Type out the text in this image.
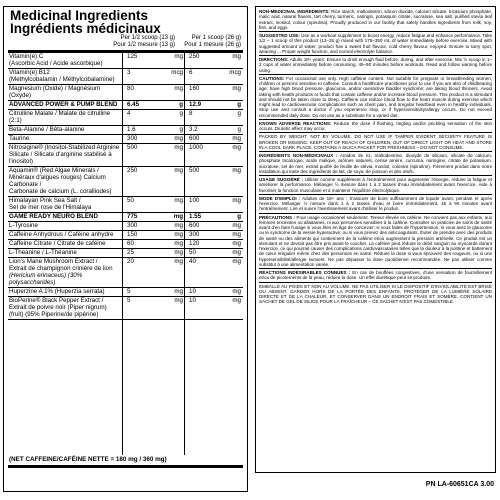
Medicinal Ingredients
Ingrédients médicinaux
Per 1/2 scoop (13 g)	Per 1 scoop (26 g)
Pour 1/2 mesure (13 g)	Pour 1 mesure (26 g)
Vitamin(e) C
(Ascorbic Acid / Acide ascorbique)
125	mg 250	mg
Vitamin(e) B12
(Methylcobalamin / Méthylcobalamine)
3	mcg 6	mcg
Magnesium (Oxide) / Magnésium (Oxyde)
80	mg 160	mg
ADVANCED POWER & PUMP BLEND	6.45	g 12.9	g
Citrulline Malate / Malate de citrulline (2:1)
4	g 8	g
Beta-Alanine / Bêta-alanine	1.6	g 3.2	g
Taurine	300	mg 600	mg
Nitrosigine® (Inositol-Stabilized Arginine
Silicate / Silicate d'arginine stabilisé à l'inositol)
500	mg 1000	mg
Aquamin® (Red Algae Minerals /
Minéraux d'algues rouges) Calcium Carbonate /
Carbonate de calcium (L. coralliodes)
250	mg 500	mg
Himalayan Pink Sea Salt /
Sel de mer rose de l'Himalaya
50	mg 100	mg
GAME READY NEURO BLEND	775	mg 1.55	g
L-Tyrosine	300	mg 600	mg
Caffeine Anhydrous / Caféine anhydre	150	mg 300	mg
Caffeine Citrate / Citrate de caféine	60	mg 120	mg
L-Theanine / L-Théanine	25	mg 50	mg
Lion's Mane Mushroom Extract /
Extrait de champignon crinière de lion
(Hericium erinaceus) (30% polysaccharides)
20	mg 40	mg
Huperzine A 1% (Huperzia serrata)	5	mg 10	mg
BioPerine® Black Pepper Extract /
Extrait de poivre noir (Piper nigrum)(fruit) (95% Piperine/de pipérine)
5	mg 10	mg
(NET CAFFEINE/CAFÉINE NETTE = 180 mg / 360 mg)
NON-MEDICINAL INGREDIENTS: Rice starch, maltodextrin, silicon dioxide, calcium silicate, tricalcium phosphate, malic acid, natural flavors, tart cherry, turmeric, naringin, potassium citrate, sucralose, sea salt, purified stevia leaf extract, inositol, colour (spirulina). Proudly produced in our facility that safely handles ingredients from milk, soy, fish, and eggs.
SUGGESTED USE: Use as a workout supplement to boost energy, reduce fatigue and enhance performance. Take 1/2 – 1 scoop of this product (13–26 g) mixed with 175–350 mL of water immediately before exercise. Mixed with suggested amount of water, product has a sweet fruit flavour, cold cherry flavour, enjoyed. Ensure to tarry spot, weaning ... Proper weight function, and normal electrolyte balance.
DIRECTIONS: Adults 18+ years: Ensure to drink enough fluid before, during, and after exercise. Mix ½ scoop in 1–2 cups of water immediately before consuming, 45–90 minutes before workouts. Read and follow warning before using.
CAUTIONS: For occasional use only. High caffeine content. Not suitable for pregnant or breastfeeding women, children or persons sensitive to caffeine. Consult a healthcare practitioner prior to use if you are also of childbearing age; have high blood pressure, glaucoma, and/or overactive bladder syndrome; are taking blood thinners. Avoid taking with health products or foods that contain caffeine and/or increase blood pressure. This product is a stimulant and should not be taken close to sleep. Caffeine can reduce blood flow to the heart muscle during exercise which might lead to cardiovascular complications such as chest pain, and irregular heartbeat even in healthy individuals. Stop use and consult a doctor if you experience stop, or if hypersensitivity/allergy occurs. Do not exceed recommended daily dose. Do not use as a substitute for a varied diet.
KNOWN ADVERSE REACTIONS: Reduce the dose if flushing, tingling and/or prickling sensation of the skin occurs. Diuretic effect may occur.
PACKED BY WEIGHT, NOT BY VOLUME. DO NOT USE IF TAMPER EVIDENT SECURITY FEATURE IS BROKEN OR MISSING. KEEP OUT OF REACH OF CHILDREN, OUT OF DIRECT LIGHT OR HEAT AND STORE IN A COOL DARK PLACE. CONTAINS A SILICA PACKET FOR FRESHNESS – DO NOT CONSUME.
INGRÉDIENTS NON-MÉDICINAUX : Amidon de riz, maltodextrine, dioxyde de silicium, silicate de calcium, phosphate tricalcique, acide malique, arômes naturels, cerise amère, curcuma, naringine, citrate de potassium, sucralose, sel de mer, extrait purifié de feuille de stévia, inositol, colorant (spiruline). Fièrement produit dans notre installation qui traite des ingrédients de lait, de soya, de poisson et des œufs.
USAGE SUGGÉRÉ : Utiliser comme supplément à l'entraînement pour augmenter l'énergie, réduire la fatigue et améliorer la performance. Mélanger ½ mesure dans 1 à 2 tasses d'eau immédiatement avant l'exercice. Aide à favoriser la fonction musculaire et à maintenir l'équilibre électrolytique.
MODE D'EMPLOI : Adultes de 18+ ans : S'assurer de boire suffisamment de liquide avant, pendant et après l'exercice. Mélanger ½ mesure dans 1 à 2 tasses d'eau et boire immédiatement, 45 à 90 minutes avant l'entraînement. Lire et suivre l'avertissement avant d'utiliser le produit.
PRÉCAUTIONS : Pour usage occasionnel seulement. Teneur élevée en caféine. Ne convient pas aux enfants, aux femmes enceintes ou allaitantes, ni aux personnes sensibles à la caféine. Consulter un praticien de soins de santé avant d'en faire l'usage si vous êtes en âge de concevoir; si vous faites de l'hypertension, si vous avez le glaucome ou le syndrome de la vessie hyperactive; ou si vous prenez des anticoagulants. Éviter de prendre avec des produits de santé ou des aliments qui contiennent de la caféine et/ou augmentent la pression artérielle. Ce produit est un stimulant et ne devrait pas être pris avant le coucher. La caféine peut réduire le débit sanguin au myocarde durant l'exercice, ce qui pourrait causer des complications cardiovasculaires telles que la douleur à la poitrine et battement de cœur irrégulier même chez des personnes en santé. Réduire la dose si vous éprouvez des rougeurs, ou si une hypersensibilité/allergie survient. Ne pas dépasser la dose quotidienne recommandée. Ne pas utiliser comme substitut à une alimentation variée.
RÉACTIONS INDÉSIRABLES CONNUES : En cas de bouffées congestives, d'une sensation de fourmillement et/ou de picotements de la peau, réduire la dose. Un effet diurétique peut se produire.
EMBALLÉ AU POIDS ET NON AU VOLUME. NE PAS UTILISER SI LE DISPOSITIF D'INVIOLABILITÉ EST BRISÉ OU ABSENT. GARDER HORS DE LA PORTÉE DES ENFANTS, PROTÉGER DE LA LUMIÈRE SOLAIRE DIRECTE ET DE LA CHALEUR, ET CONSERVER DANS UN ENDROIT FRAIS ET SOMBRE. CONTIENT UN SACHET DE GEL DE SILICE POUR LA FRAÎCHEUR – CE SACHET N'EST PAS COMESTIBLE.
PN LA-60651CA 3.00
